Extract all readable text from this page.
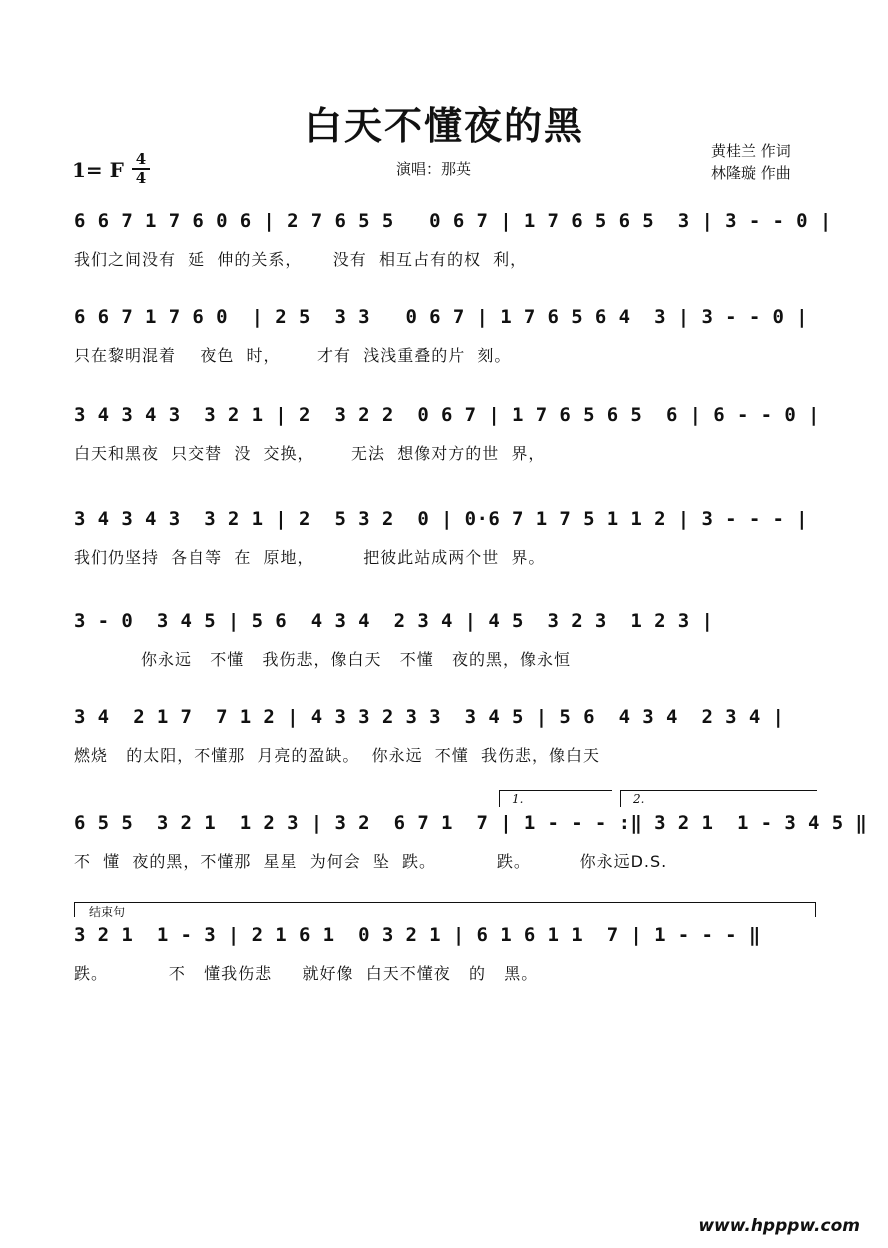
白天不懂夜的黑
1= F 4
4	演唱：那英
黄桂兰 作词
林隆璇 作曲
6 6 7 1 7 6 0 6 | 2 7 6 5 5   0 6 7 | 1 7 6 5 6 5  3 | 3 - - 0 |
我们之间没有  延  伸的关系，     没有  相互占有的权  利，
6 6 7 1 7 6 0  | 2 5  3 3   0 6 7 | 1 7 6 5 6 4  3 | 3 - - 0 |
只在黎明混着    夜色  时，      才有  浅浅重叠的片  刻。
3 4 3 4 3  3 2 1 | 2  3 2 2  0 6 7 | 1 7 6 5 6 5  6 | 6 - - 0 |
白天和黑夜  只交替  没  交换，      无法  想像对方的世  界，
3 4 3 4 3  3 2 1 | 2  5 3 2  0 | 0·6 7 1 7 5 1 1 2 | 3 - - - |
我们仍坚持  各自等  在  原地，        把彼此站成两个世  界。
3 - 0  3 4 5 | 5 6  4 3 4  2 3 4 | 4 5  3 2 3  1 2 3 |
你永远   不懂   我伤悲，像白天   不懂   夜的黑，像永恒
3 4  2 1 7  7 1 2 | 4 3 3 2 3 3  3 4 5 | 5 6  4 3 4  2 3 4 |
燃烧   的太阳，不懂那  月亮的盈缺。  你永远  不懂  我伤悲，像白天
1.	2.
6 5 5  3 2 1  1 2 3 | 3 2  6 7 1  7 | 1 - - - :‖ 3 2 1  1 - 3 4 5 ‖
不  懂  夜的黑，不懂那  星星  为何会  坠  跌。          跌。        你永远D.S.
结束句
3 2 1  1 - 3 | 2 1 6 1  0 3 2 1 | 6 1 6 1 1  7 | 1 - - - ‖
跌。          不   懂我伤悲     就好像  白天不懂夜   的   黑。
www.hpppw.com
